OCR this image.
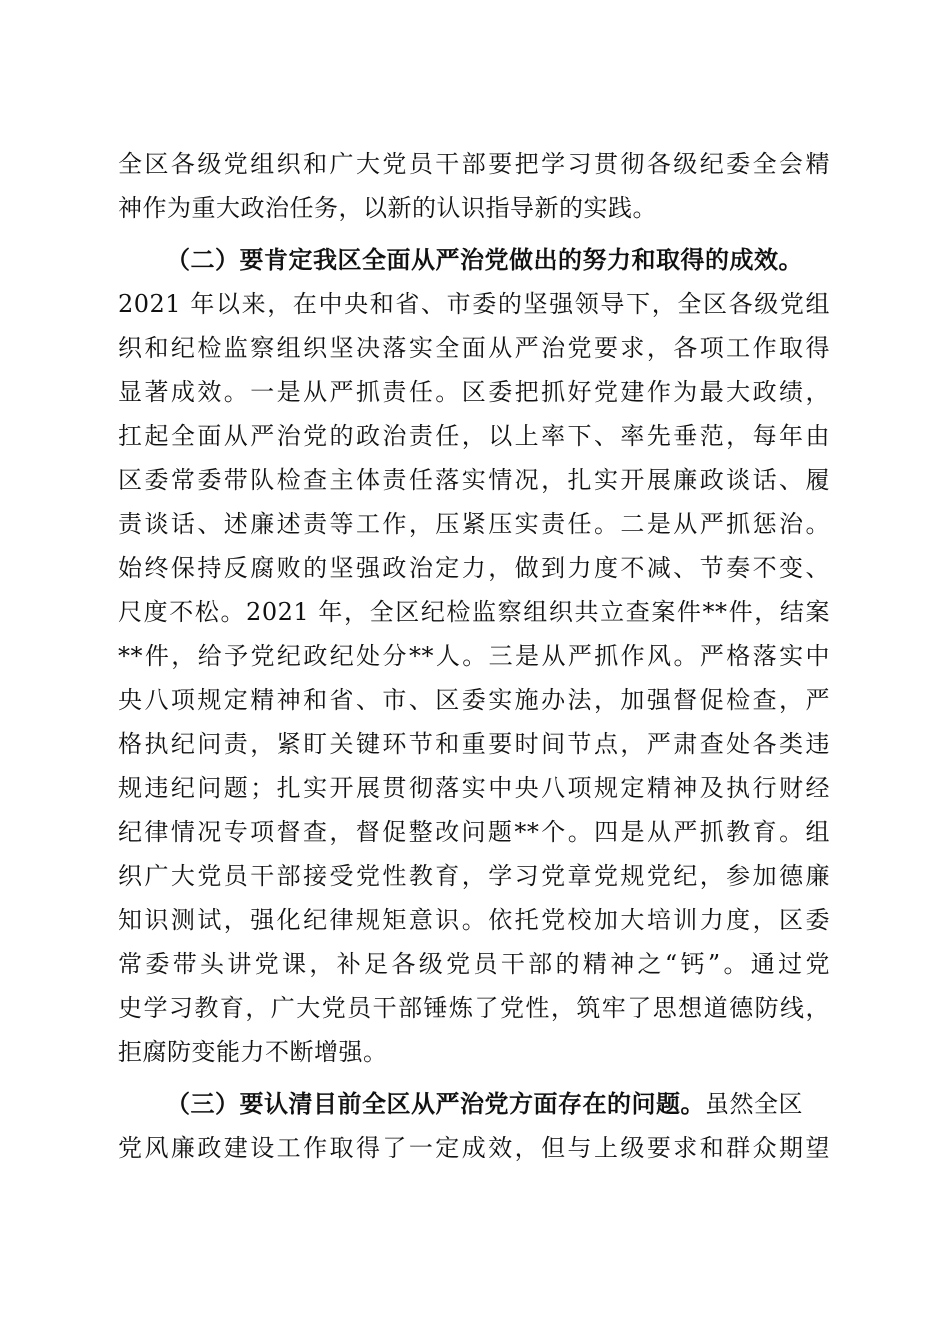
全区各级党组织和广大党员干部要把学习贯彻各级纪委全会精
神作为重大政治任务，以新的认识指导新的实践。
（二）要肯定我区全面从严治党做出的努力和取得的成效。
2021 年以来，在中央和省、市委的坚强领导下，全区各级党组
织和纪检监察组织坚决落实全面从严治党要求，各项工作取得
显著成效。一是从严抓责任。区委把抓好党建作为最大政绩，
扛起全面从严治党的政治责任，以上率下、率先垂范，每年由
区委常委带队检查主体责任落实情况，扎实开展廉政谈话、履
责谈话、述廉述责等工作，压紧压实责任。二是从严抓惩治。
始终保持反腐败的坚强政治定力，做到力度不减、节奏不变、
尺度不松。2021 年，全区纪检监察组织共立查案件**件，结案
**件，给予党纪政纪处分**人。三是从严抓作风。严格落实中
央八项规定精神和省、市、区委实施办法，加强督促检查，严
格执纪问责，紧盯关键环节和重要时间节点，严肃查处各类违
规违纪问题；扎实开展贯彻落实中央八项规定精神及执行财经
纪律情况专项督查，督促整改问题**个。四是从严抓教育。组
织广大党员干部接受党性教育，学习党章党规党纪，参加德廉
知识测试，强化纪律规矩意识。依托党校加大培训力度，区委
常委带头讲党课，补足各级党员干部的精神之“钙”。通过党
史学习教育，广大党员干部锤炼了党性，筑牢了思想道德防线，
拒腐防变能力不断增强。
（三）要认清目前全区从严治党方面存在的问题。虽然全区
党风廉政建设工作取得了一定成效，但与上级要求和群众期望
